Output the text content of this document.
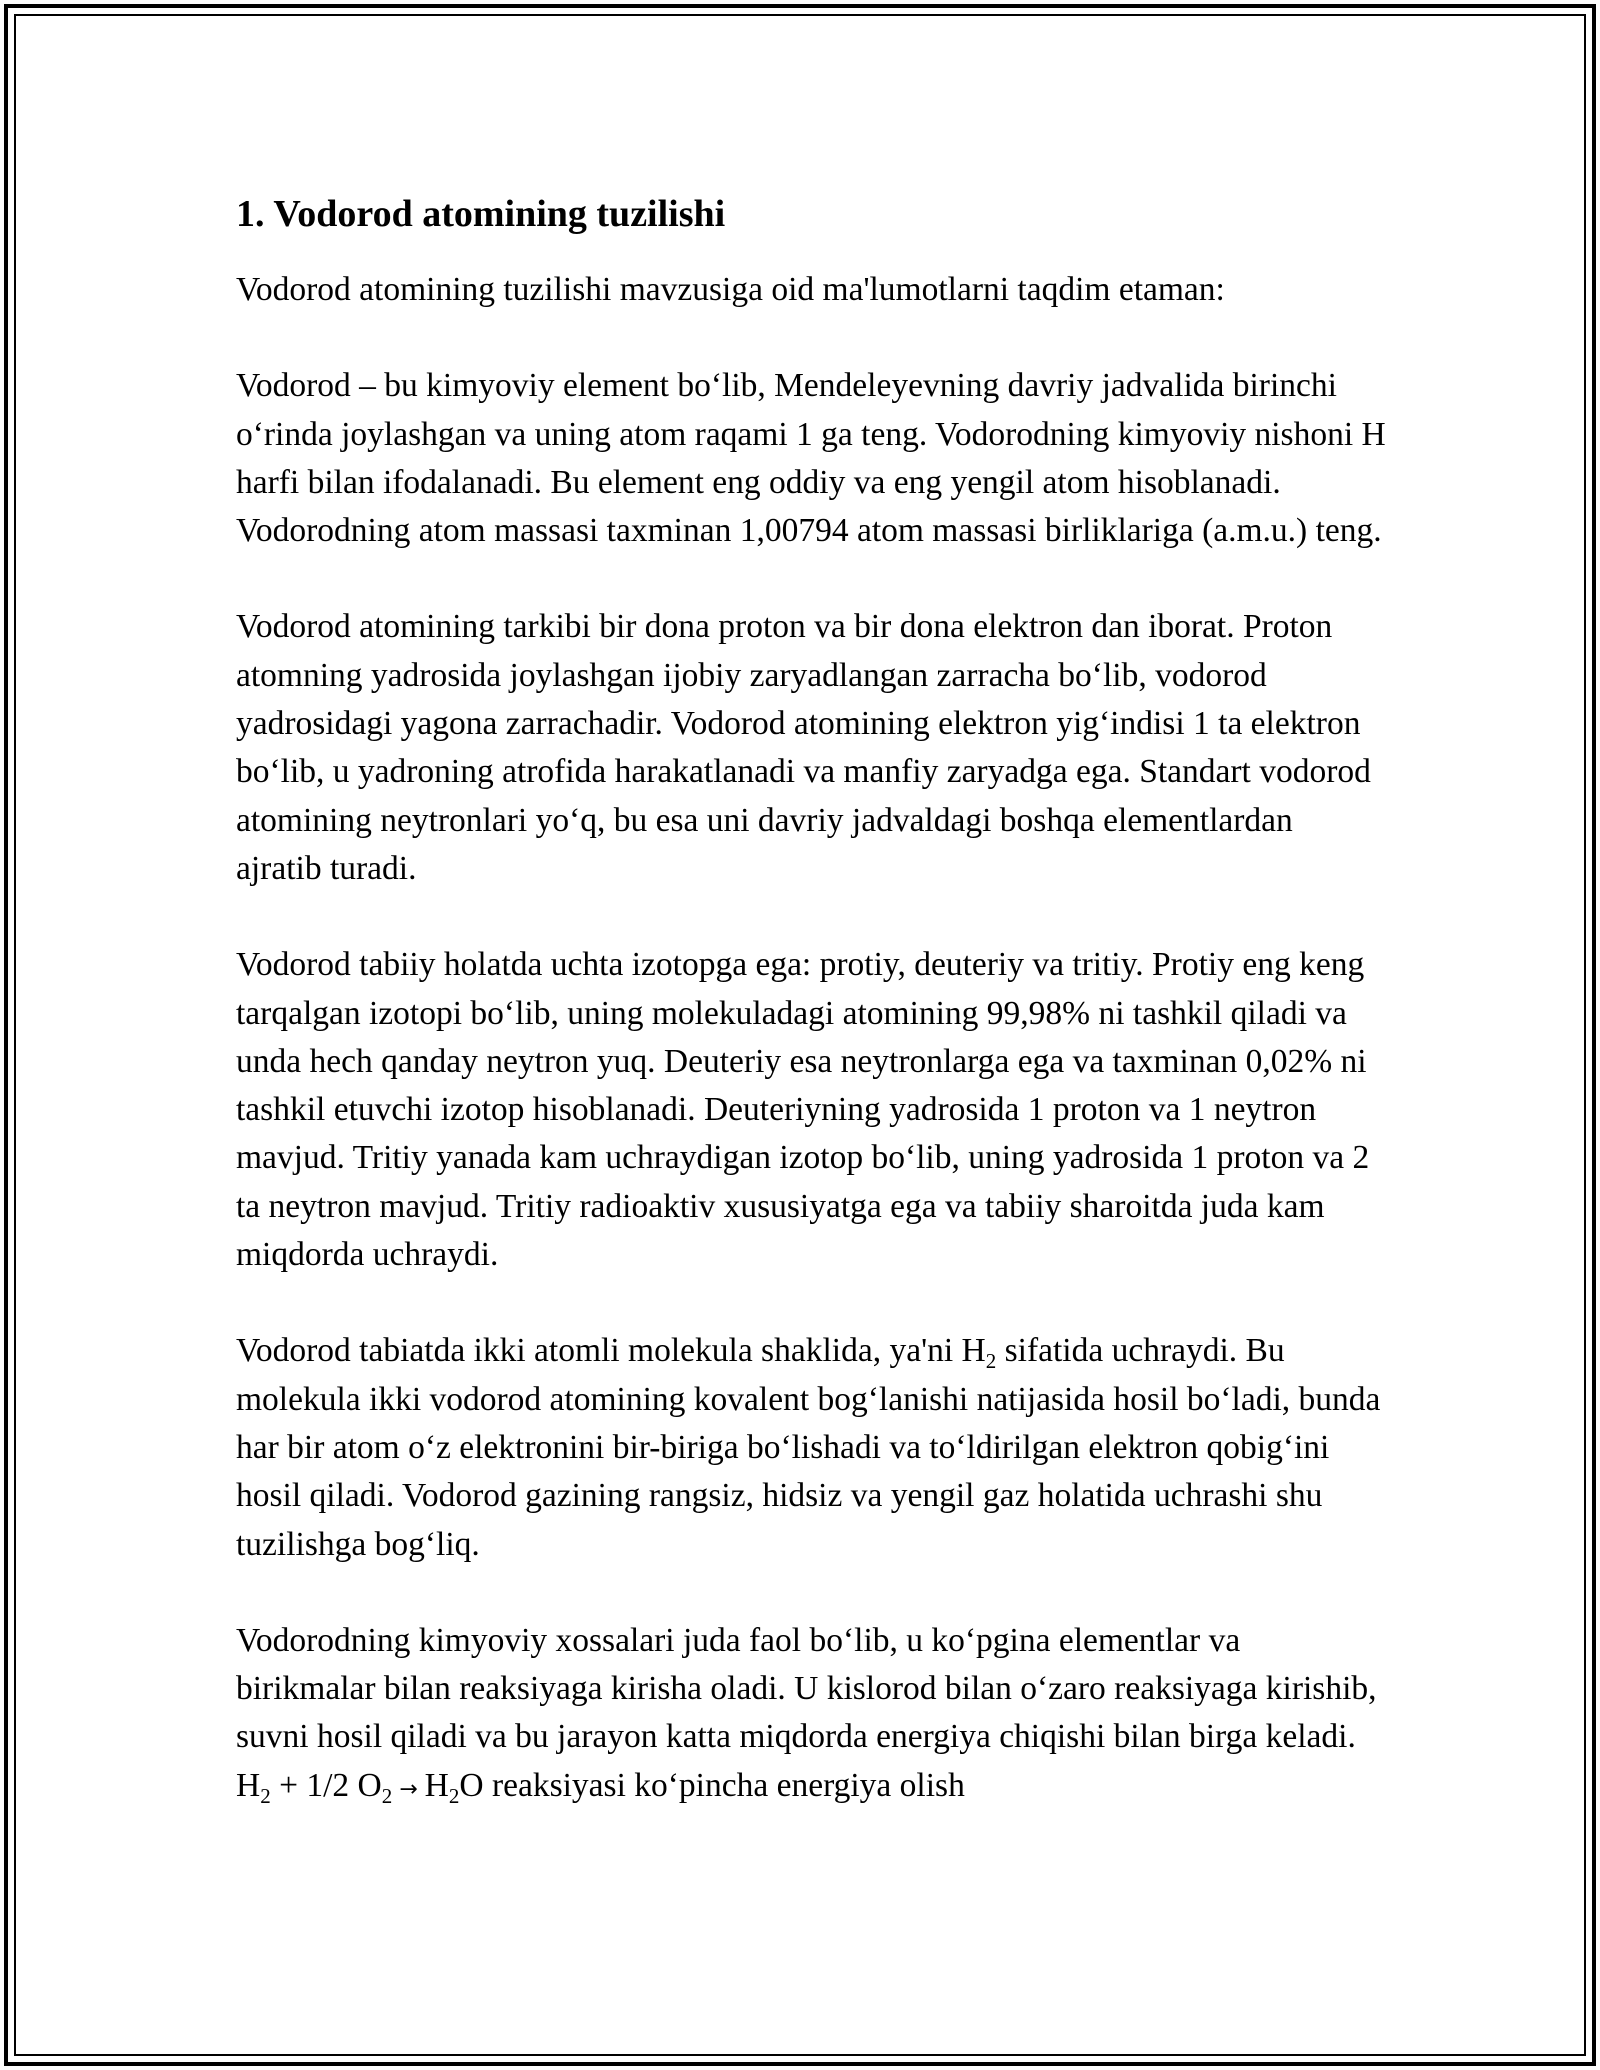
1. Vodorod atomining tuzilishi

Vodorod atomining tuzilishi mavzusiga oid ma'lumotlarni taqdim etaman:

Vodorod – bu kimyoviy element bo‘lib, Mendeleyevning davriy jadvalida birinchi o‘rinda joylashgan va uning atom raqami 1 ga teng. Vodorodning kimyoviy nishoni H harfi bilan ifodalanadi. Bu element eng oddiy va eng yengil atom hisoblanadi. Vodorodning atom massasi taxminan 1,00794 atom massasi birliklariga (a.m.u.) teng.

Vodorod atomining tarkibi bir dona proton va bir dona elektron dan iborat. Proton atomning yadrosida joylashgan ijobiy zaryadlangan zarracha bo‘lib, vodorod yadrosidagi yagona zarrachadir. Vodorod atomining elektron yig‘indisi 1 ta elektron bo‘lib, u yadroning atrofida harakatlanadi va manfiy zaryadga ega. Standart vodorod atomining neytronlari yo‘q, bu esa uni davriy jadvaldagi boshqa elementlardan ajratib turadi.

Vodorod tabiiy holatda uchta izotopga ega: protiy, deuteriy va tritiy. Protiy eng keng tarqalgan izotopi bo‘lib, uning molekuladagi atomining 99,98% ni tashkil qiladi va unda hech qanday neytron yuq. Deuteriy esa neytronlarga ega va taxminan 0,02% ni tashkil etuvchi izotop hisoblanadi. Deuteriyning yadrosida 1 proton va 1 neytron mavjud. Tritiy yanada kam uchraydigan izotop bo‘lib, uning yadrosida 1 proton va 2 ta neytron mavjud. Tritiy radioaktiv xususiyatga ega va tabiiy sharoitda juda kam miqdorda uchraydi.

Vodorod tabiatda ikki atomli molekula shaklida, ya'ni $H_2$ sifatida uchraydi. Bu molekula ikki vodorod atomining kovalent bog‘lanishi natijasida hosil bo‘ladi, bunda har bir atom o‘z elektronini bir-biriga bo‘lishadi va to‘ldirilgan elektron qobig‘ini hosil qiladi. Vodorod gazining rangsiz, hidsiz va yengil gaz holatida uchrashi shu tuzilishga bog‘liq.

Vodorodning kimyoviy xossalari juda faol bo‘lib, u ko‘pgina elementlar va birikmalar bilan reaksiyaga kirisha oladi. U kislorod bilan o‘zaro reaksiyaga kirishib, suvni hosil qiladi va bu jarayon katta miqdorda energiya chiqishi bilan birga keladi. $H_2 + 1/2$ $O_2 \to H_2O$ reaksiyasi ko‘pincha energiya olish
